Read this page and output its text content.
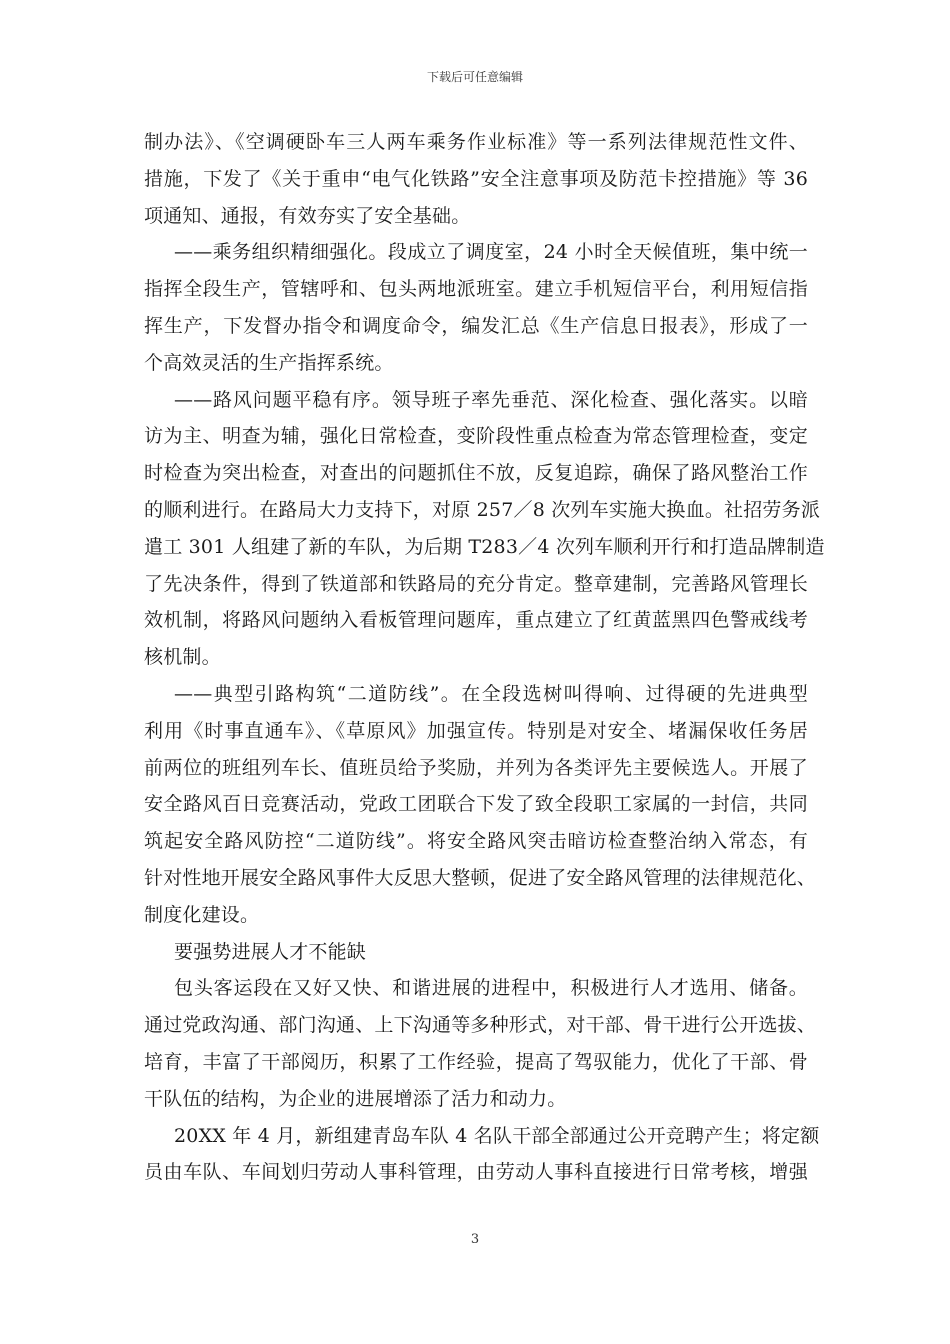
下载后可任意编辑
制办法》、《空调硬卧车三人两车乘务作业标准》等一系列法律规范性文件、
措施，下发了《关于重申“电气化铁路”安全注意事项及防范卡控措施》等 36
项通知、通报，有效夯实了安全基础。
——乘务组织精细强化。段成立了调度室，24 小时全天候值班，集中统一
指挥全段生产，管辖呼和、包头两地派班室。建立手机短信平台，利用短信指
挥生产，下发督办指令和调度命令，编发汇总《生产信息日报表》，形成了一
个高效灵活的生产指挥系统。
——路风问题平稳有序。领导班子率先垂范、深化检查、强化落实。以暗
访为主、明查为辅，强化日常检查，变阶段性重点检查为常态管理检查，变定
时检查为突出检查，对查出的问题抓住不放，反复追踪，确保了路风整治工作
的顺利进行。在路局大力支持下，对原 257／8 次列车实施大换血。社招劳务派
遣工 301 人组建了新的车队，为后期 T283／4 次列车顺利开行和打造品牌制造
了先决条件，得到了铁道部和铁路局的充分肯定。整章建制，完善路风管理长
效机制，将路风问题纳入看板管理问题库，重点建立了红黄蓝黑四色警戒线考
核机制。
——典型引路构筑“二道防线”。在全段选树叫得响、过得硬的先进典型
利用《时事直通车》、《草原风》加强宣传。特别是对安全、堵漏保收任务居
前两位的班组列车长、值班员给予奖励，并列为各类评先主要候选人。开展了
安全路风百日竞赛活动，党政工团联合下发了致全段职工家属的一封信，共同
筑起安全路风防控“二道防线”。将安全路风突击暗访检查整治纳入常态，有
针对性地开展安全路风事件大反思大整顿，促进了安全路风管理的法律规范化、
制度化建设。
要强势进展人才不能缺
包头客运段在又好又快、和谐进展的进程中，积极进行人才选用、储备。
通过党政沟通、部门沟通、上下沟通等多种形式，对干部、骨干进行公开选拔、
培育，丰富了干部阅历，积累了工作经验，提高了驾驭能力，优化了干部、骨
干队伍的结构，为企业的进展增添了活力和动力。
20XX 年 4 月，新组建青岛车队 4 名队干部全部通过公开竞聘产生；将定额
员由车队、车间划归劳动人事科管理，由劳动人事科直接进行日常考核，增强
3
